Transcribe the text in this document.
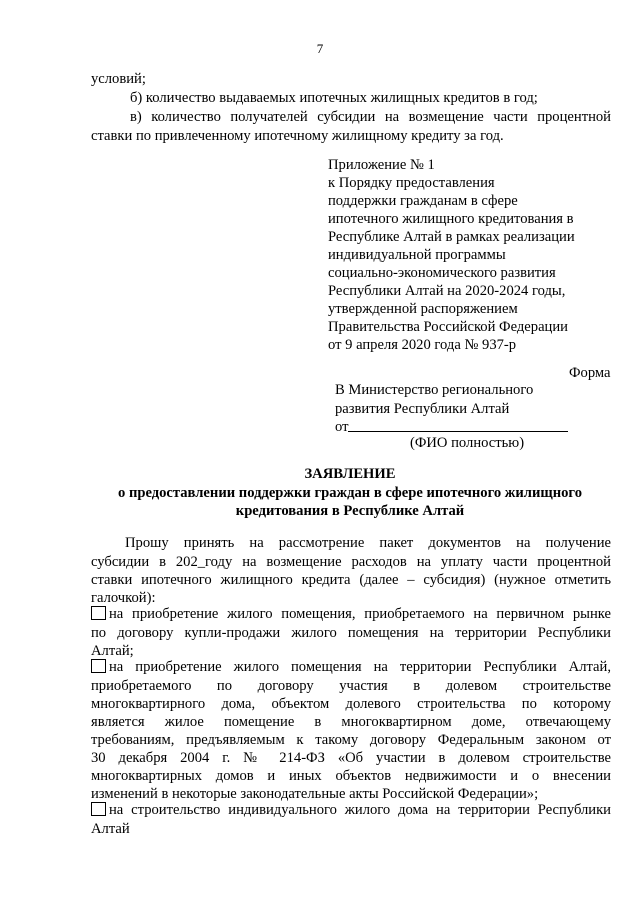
7
условий;
б) количество выдаваемых ипотечных жилищных кредитов в год;
в) количество получателей субсидии на возмещение части процентной
ставки по привлеченному ипотечному жилищному кредиту за год.
Приложение № 1
к Порядку предоставления
поддержки гражданам в сфере
ипотечного жилищного кредитования в
Республике Алтай в рамках реализации
индивидуальной программы
социально-экономического развития
Республики Алтай на 2020-2024 годы,
утвержденной распоряжением
Правительства Российской Федерации
от 9 апреля 2020 года № 937-р
Форма
В Министерство регионального
развития Республики Алтай
от
(ФИО полностью)
ЗАЯВЛЕНИЕ
о предоставлении поддержки граждан в сфере ипотечного жилищного
кредитования в Республике Алтай
Прошу принять на рассмотрение пакет документов на получение
субсидии в 202_году на возмещение расходов на уплату части процентной
ставки ипотечного жилищного кредита (далее – субсидия) (нужное отметить
галочкой):
на приобретение жилого помещения, приобретаемого на первичном рынке
по договору купли-продажи жилого помещения на территории Республики
Алтай;
на приобретение жилого помещения на территории Республики Алтай,
приобретаемого по договору участия в долевом строительстве
многоквартирного дома, объектом долевого строительства по которому
является жилое помещение в многоквартирном доме, отвечающему
требованиям, предъявляемым к такому договору Федеральным законом от
30 декабря 2004 г. № 214-ФЗ «Об участии в долевом строительстве
многоквартирных домов и иных объектов недвижимости и о внесении
изменений в некоторые законодательные акты Российской Федерации»;
на строительство индивидуального жилого дома на территории Республики
Алтай
